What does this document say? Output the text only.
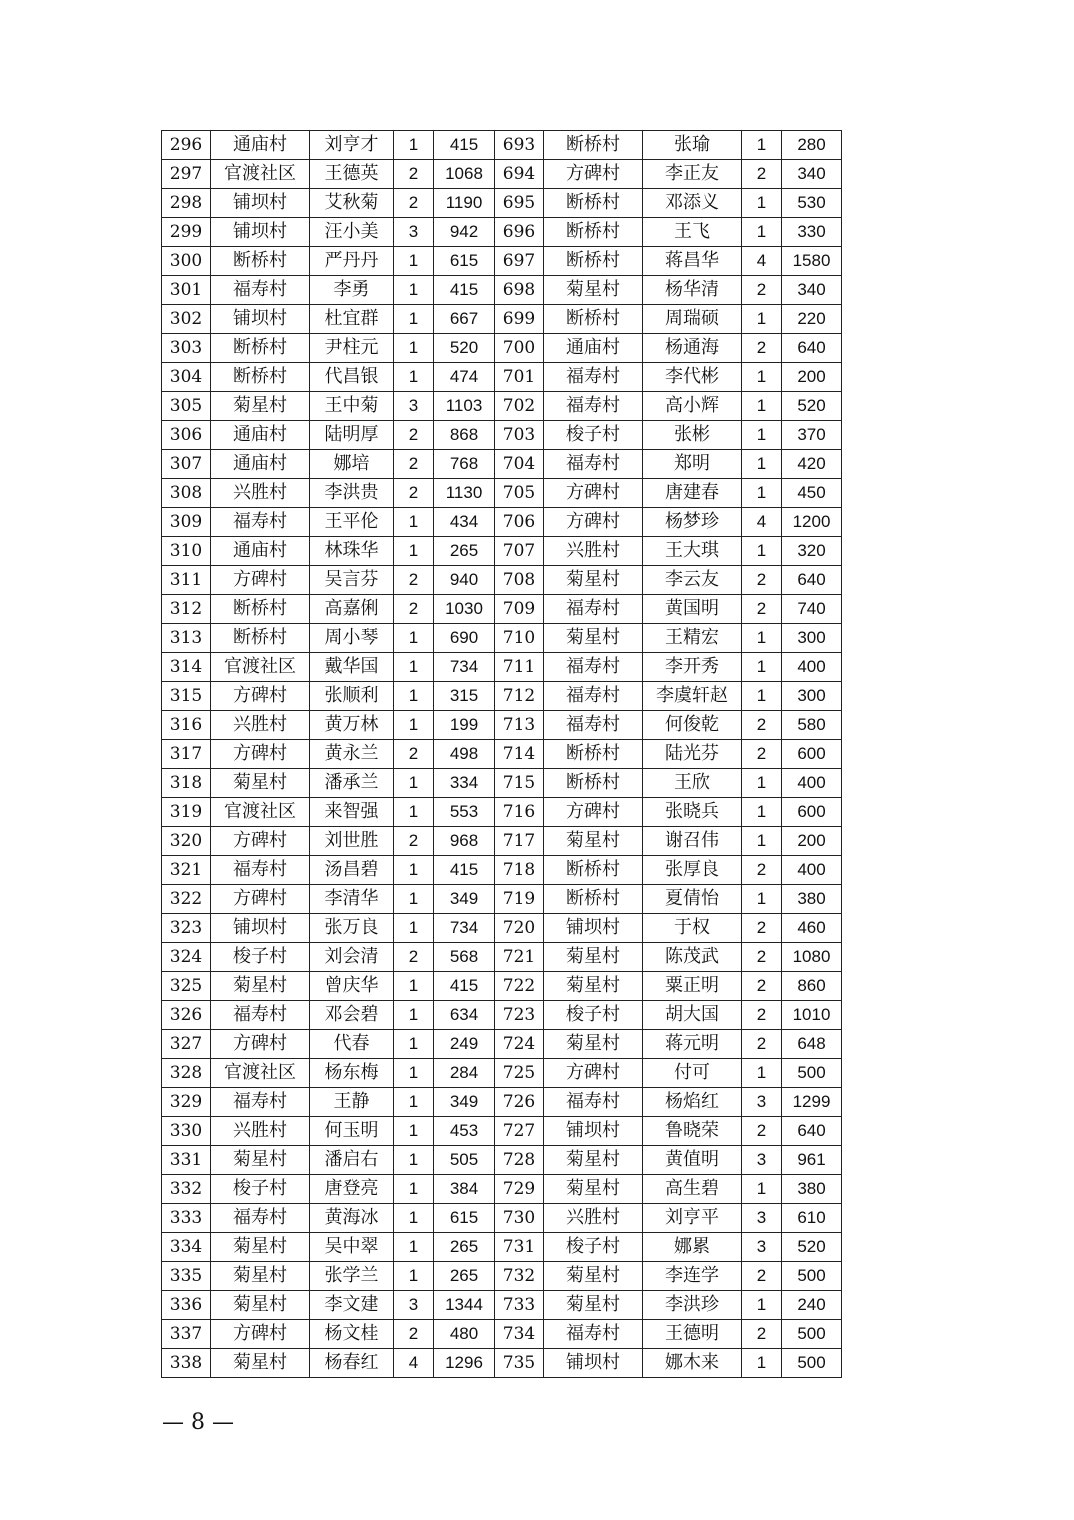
296	通庙村	刘亨才	1	415	693	断桥村	张瑜	1	280
297	官渡社区	王德英	2	1068	694	方碑村	李正友	2	340
298	铺坝村	艾秋菊	2	1190	695	断桥村	邓添义	1	530
299	铺坝村	汪小美	3	942	696	断桥村	王飞	1	330
300	断桥村	严丹丹	1	615	697	断桥村	蒋昌华	4	1580
301	福寿村	李勇	1	415	698	菊星村	杨华清	2	340
302	铺坝村	杜宜群	1	667	699	断桥村	周瑞硕	1	220
303	断桥村	尹柱元	1	520	700	通庙村	杨通海	2	640
304	断桥村	代昌银	1	474	701	福寿村	李代彬	1	200
305	菊星村	王中菊	3	1103	702	福寿村	高小辉	1	520
306	通庙村	陆明厚	2	868	703	梭子村	张彬	1	370
307	通庙村	娜培	2	768	704	福寿村	郑明	1	420
308	兴胜村	李洪贵	2	1130	705	方碑村	唐建春	1	450
309	福寿村	王平伦	1	434	706	方碑村	杨梦珍	4	1200
310	通庙村	林珠华	1	265	707	兴胜村	王大琪	1	320
311	方碑村	吴言芬	2	940	708	菊星村	李云友	2	640
312	断桥村	高嘉俐	2	1030	709	福寿村	黄国明	2	740
313	断桥村	周小琴	1	690	710	菊星村	王精宏	1	300
314	官渡社区	戴华国	1	734	711	福寿村	李开秀	1	400
315	方碑村	张顺利	1	315	712	福寿村	李虞轩赵	1	300
316	兴胜村	黄万林	1	199	713	福寿村	何俊乾	2	580
317	方碑村	黄永兰	2	498	714	断桥村	陆光芬	2	600
318	菊星村	潘承兰	1	334	715	断桥村	王欣	1	400
319	官渡社区	来智强	1	553	716	方碑村	张晓兵	1	600
320	方碑村	刘世胜	2	968	717	菊星村	谢召伟	1	200
321	福寿村	汤昌碧	1	415	718	断桥村	张厚良	2	400
322	方碑村	李清华	1	349	719	断桥村	夏倩怡	1	380
323	铺坝村	张万良	1	734	720	铺坝村	于权	2	460
324	梭子村	刘会清	2	568	721	菊星村	陈茂武	2	1080
325	菊星村	曾庆华	1	415	722	菊星村	粟正明	2	860
326	福寿村	邓会碧	1	634	723	梭子村	胡大国	2	1010
327	方碑村	代春	1	249	724	菊星村	蒋元明	2	648
328	官渡社区	杨东梅	1	284	725	方碑村	付可	1	500
329	福寿村	王静	1	349	726	福寿村	杨焰红	3	1299
330	兴胜村	何玉明	1	453	727	铺坝村	鲁晓荣	2	640
331	菊星村	潘启右	1	505	728	菊星村	黄值明	3	961
332	梭子村	唐登亮	1	384	729	菊星村	高生碧	1	380
333	福寿村	黄海冰	1	615	730	兴胜村	刘亨平	3	610
334	菊星村	吴中翠	1	265	731	梭子村	娜累	3	520
335	菊星村	张学兰	1	265	732	菊星村	李连学	2	500
336	菊星村	李文建	3	1344	733	菊星村	李洪珍	1	240
337	方碑村	杨文桂	2	480	734	福寿村	王德明	2	500
338	菊星村	杨春红	4	1296	735	铺坝村	娜木来	1	500
— 8 —
